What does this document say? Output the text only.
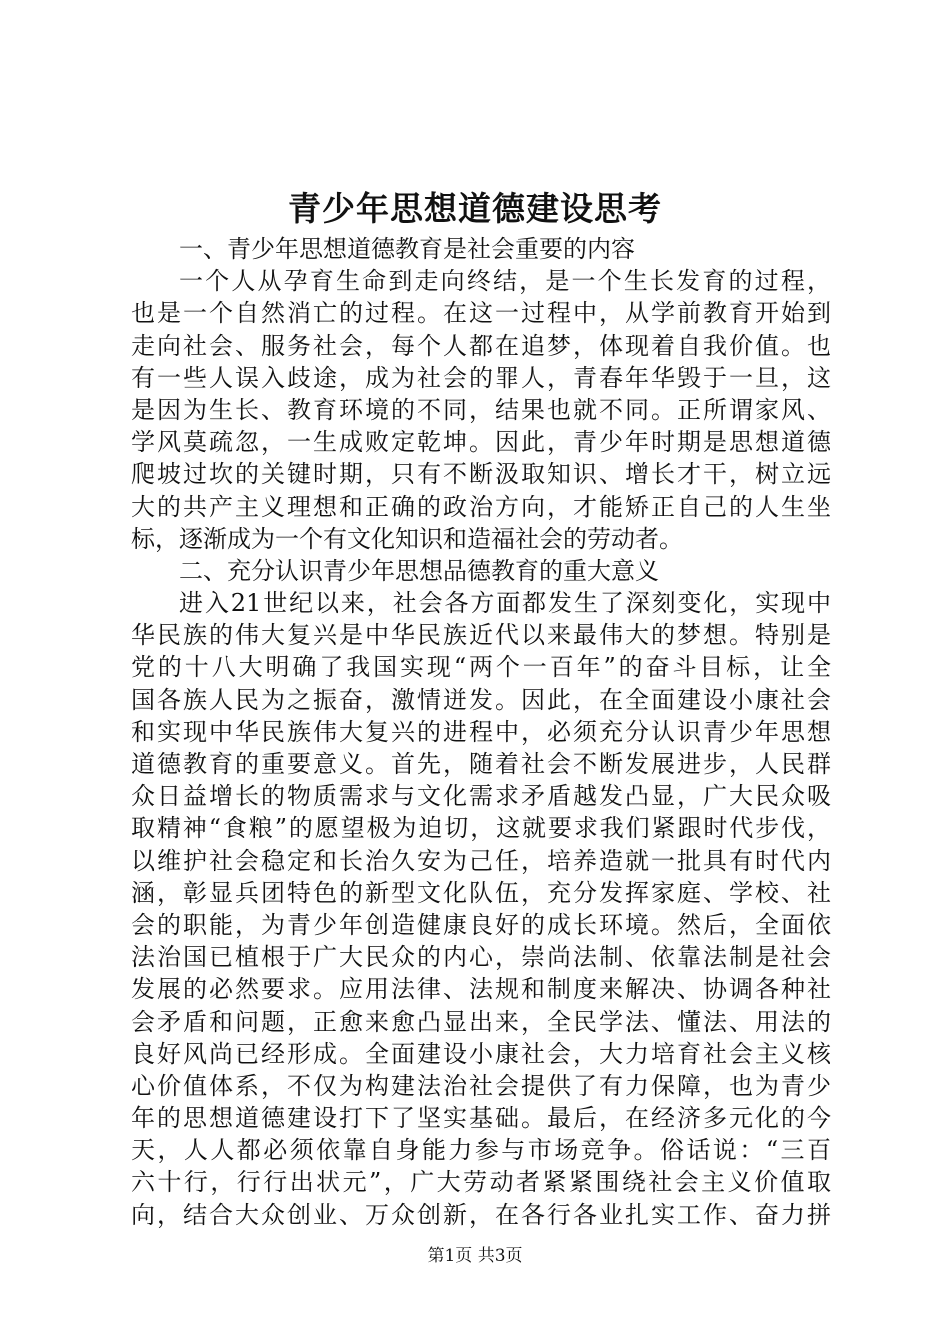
青少年思想道德建设思考
一、青少年思想道德教育是社会重要的内容
一个人从孕育生命到走向终结，是一个生长发育的过程，
也是一个自然消亡的过程。在这一过程中，从学前教育开始到
走向社会、服务社会，每个人都在追梦，体现着自我价值。也
有一些人误入歧途，成为社会的罪人，青春年华毁于一旦，这
是因为生长、教育环境的不同，结果也就不同。正所谓家风、
学风莫疏忽，一生成败定乾坤。因此，青少年时期是思想道德
爬坡过坎的关键时期，只有不断汲取知识、增长才干，树立远
大的共产主义理想和正确的政治方向，才能矫正自己的人生坐
标，逐渐成为一个有文化知识和造福社会的劳动者。
二、充分认识青少年思想品德教育的重大意义
进入21世纪以来，社会各方面都发生了深刻变化，实现中
华民族的伟大复兴是中华民族近代以来最伟大的梦想。特别是
党的十八大明确了我国实现“两个一百年”的奋斗目标，让全
国各族人民为之振奋，激情迸发。因此，在全面建设小康社会
和实现中华民族伟大复兴的进程中，必须充分认识青少年思想
道德教育的重要意义。首先，随着社会不断发展进步，人民群
众日益增长的物质需求与文化需求矛盾越发凸显，广大民众吸
取精神“食粮”的愿望极为迫切，这就要求我们紧跟时代步伐，
以维护社会稳定和长治久安为己任，培养造就一批具有时代内
涵，彰显兵团特色的新型文化队伍，充分发挥家庭、学校、社
会的职能，为青少年创造健康良好的成长环境。然后，全面依
法治国已植根于广大民众的内心，崇尚法制、依靠法制是社会
发展的必然要求。应用法律、法规和制度来解决、协调各种社
会矛盾和问题，正愈来愈凸显出来，全民学法、懂法、用法的
良好风尚已经形成。全面建设小康社会，大力培育社会主义核
心价值体系，不仅为构建法治社会提供了有力保障，也为青少
年的思想道德建设打下了坚实基础。最后，在经济多元化的今
天，人人都必须依靠自身能力参与市场竞争。俗话说：“三百
六十行，行行出状元”，广大劳动者紧紧围绕社会主义价值取
向，结合大众创业、万众创新，在各行各业扎实工作、奋力拼
第1页 共3页
